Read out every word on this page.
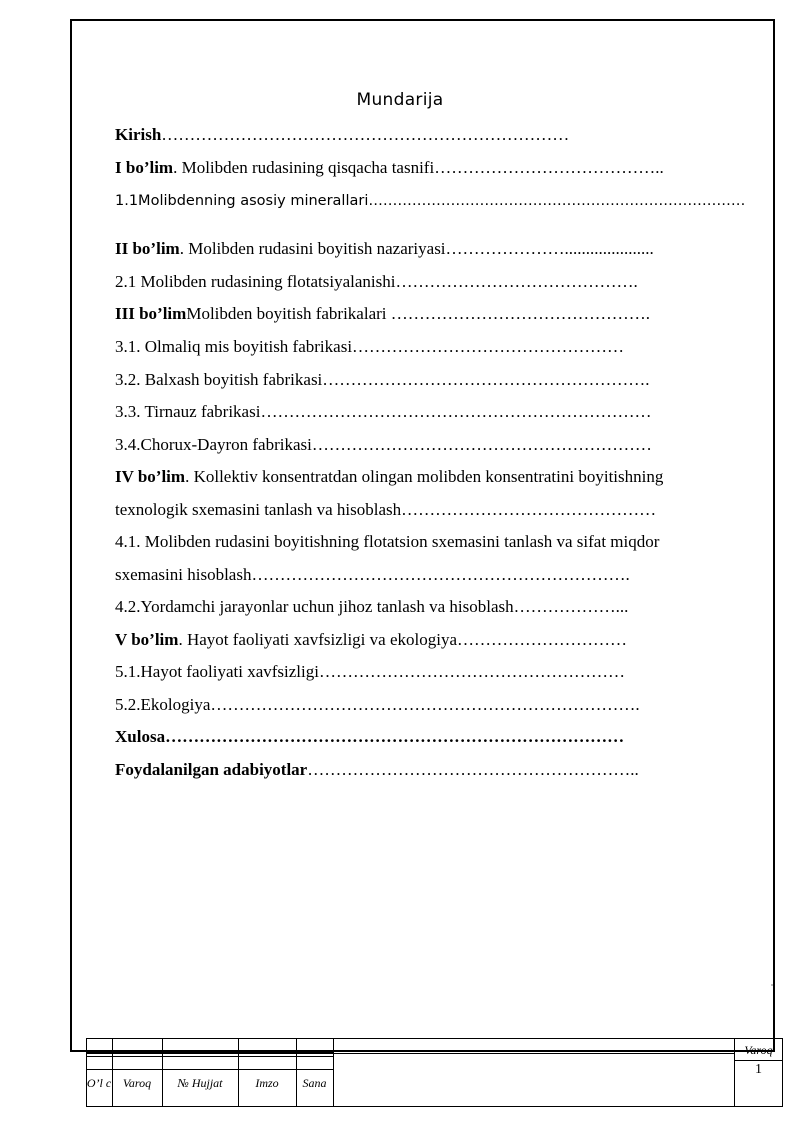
Mundarija
Kirish………………………………………………………………
I bo’lim. Molibden rudasining qisqacha tasnifi…………………………………..
1.1Molibdenning asosiy minerallari……………………………………………………………………
II bo’lim. Molibden rudasini boyitish nazariyasi………………….....................
2.1 Molibden rudasining flotatsiyalanishi…………………………………….
III bo’limMolibden boyitish fabrikalari ……………………………………….
3.1. Olmaliq mis boyitish fabrikasi…………………………………………
3.2. Balxash boyitish fabrikasi………………………………………………….
3.3. Tirnauz fabrikasi……………………………………………………………
3.4.Chorux-Dayron fabrikasi……………………………………………………
IV bo’lim. Kollektiv konsentratdan olingan molibden konsentratini boyitishning
texnologik sxemasini tanlash va hisoblash………………………………………
4.1. Molibden rudasini boyitishning flotatsion sxemasini tanlash va sifat miqdor
sxemasini hisoblash………………………………………………………….
4.2.Yordamchi jarayonlar uchun jihoz tanlash va hisoblash………………...
V bo’lim. Hayot faoliyati xavfsizligi va ekologiya…………………………
5.1.Hayot faoliyati xavfsizligi………………………………………………
5.2.Ekologiya………………………………………………………………….
Xulosa………………………………………………………………………
Foydalanilgan adabiyotlar…………………………………………………..
O’l c Varoq	№ Hujjat	Imzo	Sana
Varoq
1
